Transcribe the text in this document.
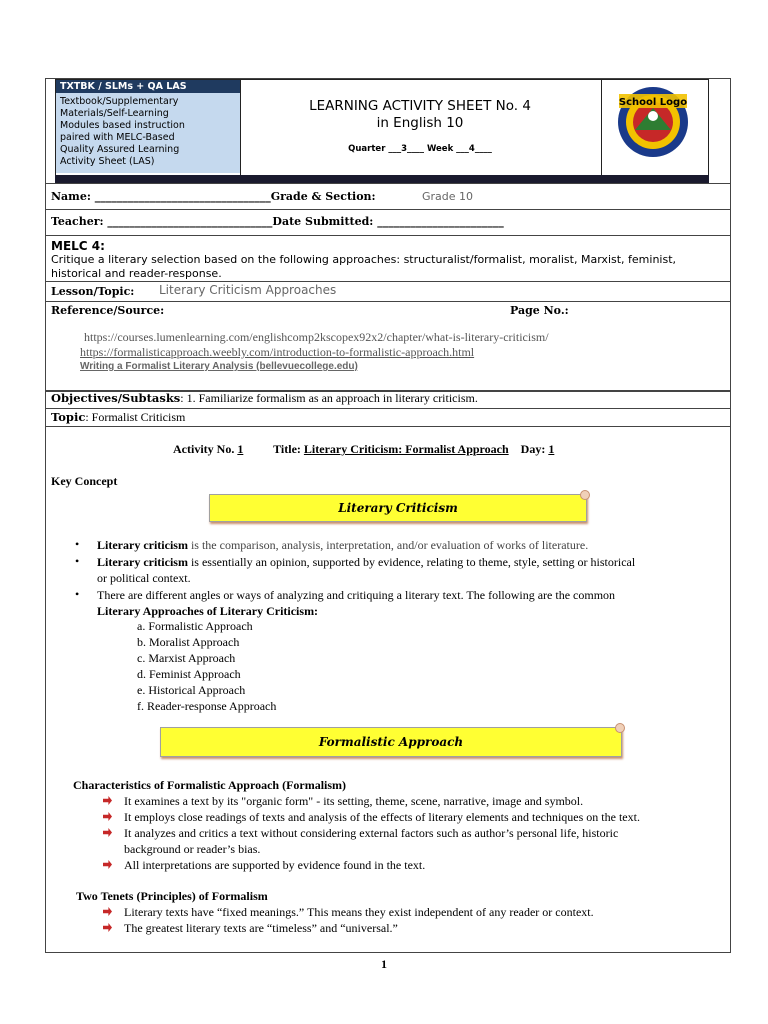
TXTBK / SLMs + QA LAS
Textbook/Supplementary
Materials/Self-Learning
Modules based instruction
paired with MELC-Based
Quality Assured Learning
Activity Sheet (LAS)
LEARNING ACTIVITY SHEET No. 4
in English 10
Quarter ___3____ Week ___4____
School Logo
Name: ________________________________Grade & Section:	Grade 10
Teacher: ______________________________Date Submitted: _______________________
MELC 4:
Critique a literary selection based on the following approaches: structuralist/formalist, moralist, Marxist, feminist, historical and reader-response.
Lesson/Topic: Literary Criticism Approaches
Reference/Source:	Page No.:
https://courses.lumenlearning.com/englishcomp2kscopex92x2/chapter/what-is-literary-criticism/
https://formalisticapproach.weebly.com/introduction-to-formalistic-approach.html
Writing a Formalist Literary Analysis (bellevuecollege.edu)
Objectives/Subtasks: 1. Familiarize formalism as an approach in literary criticism.
Topic: Formalist Criticism
Activity No. 1 Title: Literary Criticism: Formalist Approach Day: 1
Key Concept
Literary Criticism
• Literary criticism is the comparison, analysis, interpretation, and/or evaluation of works of literature.
• Literary criticism is essentially an opinion, supported by evidence, relating to theme, style, setting or historical
or political context.
• There are different angles or ways of analyzing and critiquing a literary text. The following are the common
Literary Approaches of Literary Criticism:
a. Formalistic Approach
b. Moralist Approach
c. Marxist Approach
d. Feminist Approach
e. Historical Approach
f. Reader-response Approach
Formalistic Approach
Characteristics of Formalistic Approach (Formalism)
It examines a text by its "organic form" - its setting, theme, scene, narrative, image and symbol.
It employs close readings of texts and analysis of the effects of literary elements and techniques on the text.
It analyzes and critics a text without considering external factors such as author’s personal life, historic
background or reader’s bias.
All interpretations are supported by evidence found in the text.
Two Tenets (Principles) of Formalism
Literary texts have “fixed meanings.” This means they exist independent of any reader or context.
The greatest literary texts are “timeless” and “universal.”
1
